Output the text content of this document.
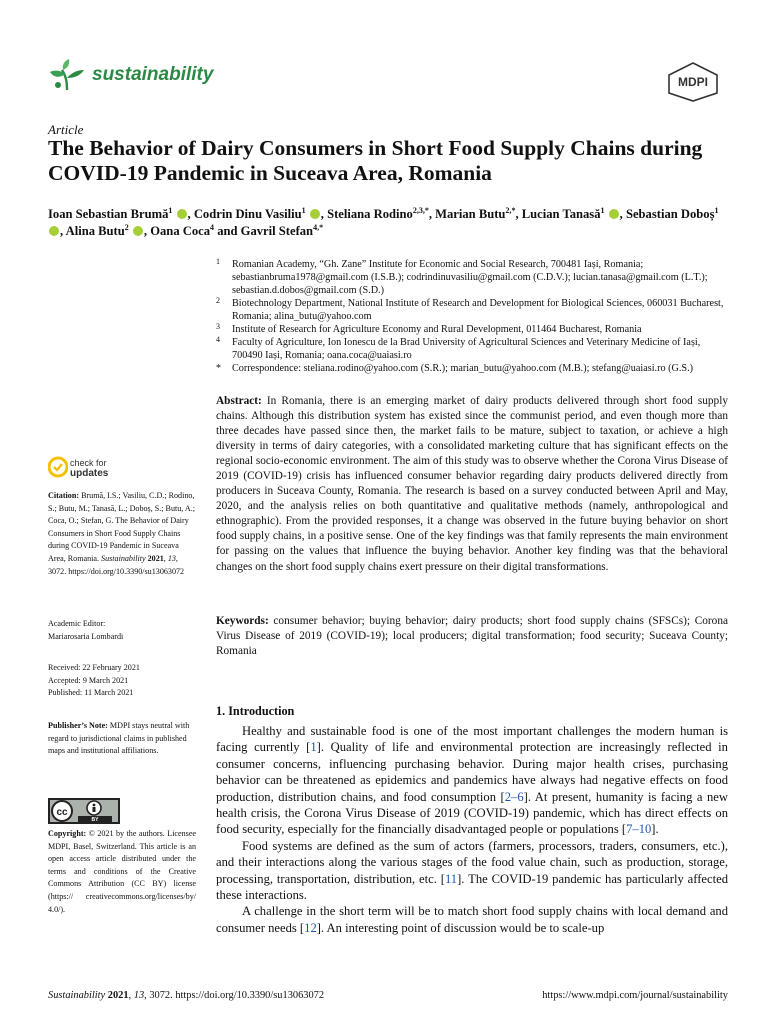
sustainability	MDPI
Article
The Behavior of Dairy Consumers in Short Food Supply Chains during COVID-19 Pandemic in Suceava Area, Romania
Ioan Sebastian Brumă$^1$ , Codrin Dinu Vasiliu$^1$ , Steliana Rodino$^{2,3,*}$, Marian Butu$^{2,*}$, Lucian Tanasă$^1$ , Sebastian Doboș$^1$ , Alina Butu$^2$ , Oana Coca$^4$ and Gavril Stefan$^{4,*}$
1 Romanian Academy, “Gh. Zane” Institute for Economic and Social Research, 700481 Iași, Romania; sebastianbruma1978@gmail.com (I.S.B.); codrindinuvasiliu@gmail.com (C.D.V.); lucian.tanasa@gmail.com (L.T.); sebastian.d.dobos@gmail.com (S.D.)
2 Biotechnology Department, National Institute of Research and Development for Biological Sciences, 060031 Bucharest, Romania; alina_butu@yahoo.com
3 Institute of Research for Agriculture Economy and Rural Development, 011464 Bucharest, Romania
4 Faculty of Agriculture, Ion Ionescu de la Brad University of Agricultural Sciences and Veterinary Medicine of Iași, 700490 Iași, Romania; oana.coca@uaiasi.ro
* Correspondence: steliana.rodino@yahoo.com (S.R.); marian_butu@yahoo.com (M.B.); stefang@uaiasi.ro (G.S.)
Abstract: In Romania, there is an emerging market of dairy products delivered through short food supply chains. Although this distribution system has existed since the communist period, and even though more than three decades have passed since then, the market fails to be mature, subject to taxation, or achieve a high diversity in terms of dairy categories, with a consolidated marketing culture that has significant effects on the regional socio-economic environment. The aim of this study was to observe whether the Corona Virus Disease of 2019 (COVID-19) crisis has influenced consumer behavior regarding dairy products delivered directly from producers in Suceava County, Romania. The research is based on a survey conducted between April and May, 2020, and the analysis relies on both quantitative and qualitative methods (namely, anthropological and ethnographic). From the provided responses, it a change was observed in the future buying behavior on short food supply chains, in a positive sense. One of the key findings was that family represents the main environment for passing on the values that influence the buying behavior. Another key finding was that the behavioral changes on the short food supply chains exert pressure on their digital transformations.
Keywords: consumer behavior; buying behavior; dairy products; short food supply chains (SFSCs); Corona Virus Disease of 2019 (COVID-19); local producers; digital transformation; food security; Suceava County; Romania
check for
updates
Citation: Brumă, I.S.; Vasiliu, C.D.; Rodino, S.; Butu, M.; Tanasă, L.; Doboș, S.; Butu, A.; Coca, O.; Stefan, G. The Behavior of Dairy Consumers in Short Food Supply Chains during COVID-19 Pandemic in Suceava Area, Romania. Sustainability 2021, 13, 3072. https://doi.org/10.3390/su13063072
Academic Editor:
Mariarosaria Lombardi
Received: 22 February 2021
Accepted: 9 March 2021
Published: 11 March 2021
Publisher’s Note: MDPI stays neutral with regard to jurisdictional claims in published maps and institutional affiliations.
cc
BY
Copyright: © 2021 by the authors. Licensee MDPI, Basel, Switzerland. This article is an open access article distributed under the terms and conditions of the Creative Commons Attribution (CC BY) license (https:// creativecommons.org/licenses/by/ 4.0/).
1. Introduction

Healthy and sustainable food is one of the most important challenges the modern human is facing currently [1]. Quality of life and environmental protection are increasingly reflected in consumer concerns, influencing purchasing behavior. During major health crises, purchasing behavior can be threatened as epidemics and pandemics have always had negative effects on food production, distribution chains, and food consumption [2–6]. At present, humanity is facing a new health crisis, the Corona Virus Disease of 2019 (COVID-19) pandemic, which has direct effects on food security, especially for the financially disadvantaged people or populations [7–10].

Food systems are defined as the sum of actors (farmers, processors, traders, consumers, etc.), and their interactions along the various stages of the food value chain, such as production, storage, processing, transportation, distribution, etc. [11]. The COVID-19 pandemic has particularly affected these interactions.

A challenge in the short term will be to match short food supply chains with local demand and consumer needs [12]. An interesting point of discussion would be to scale-up

Sustainability 2021, 13, 3072. https://doi.org/10.3390/su13063072	https://www.mdpi.com/journal/sustainability
